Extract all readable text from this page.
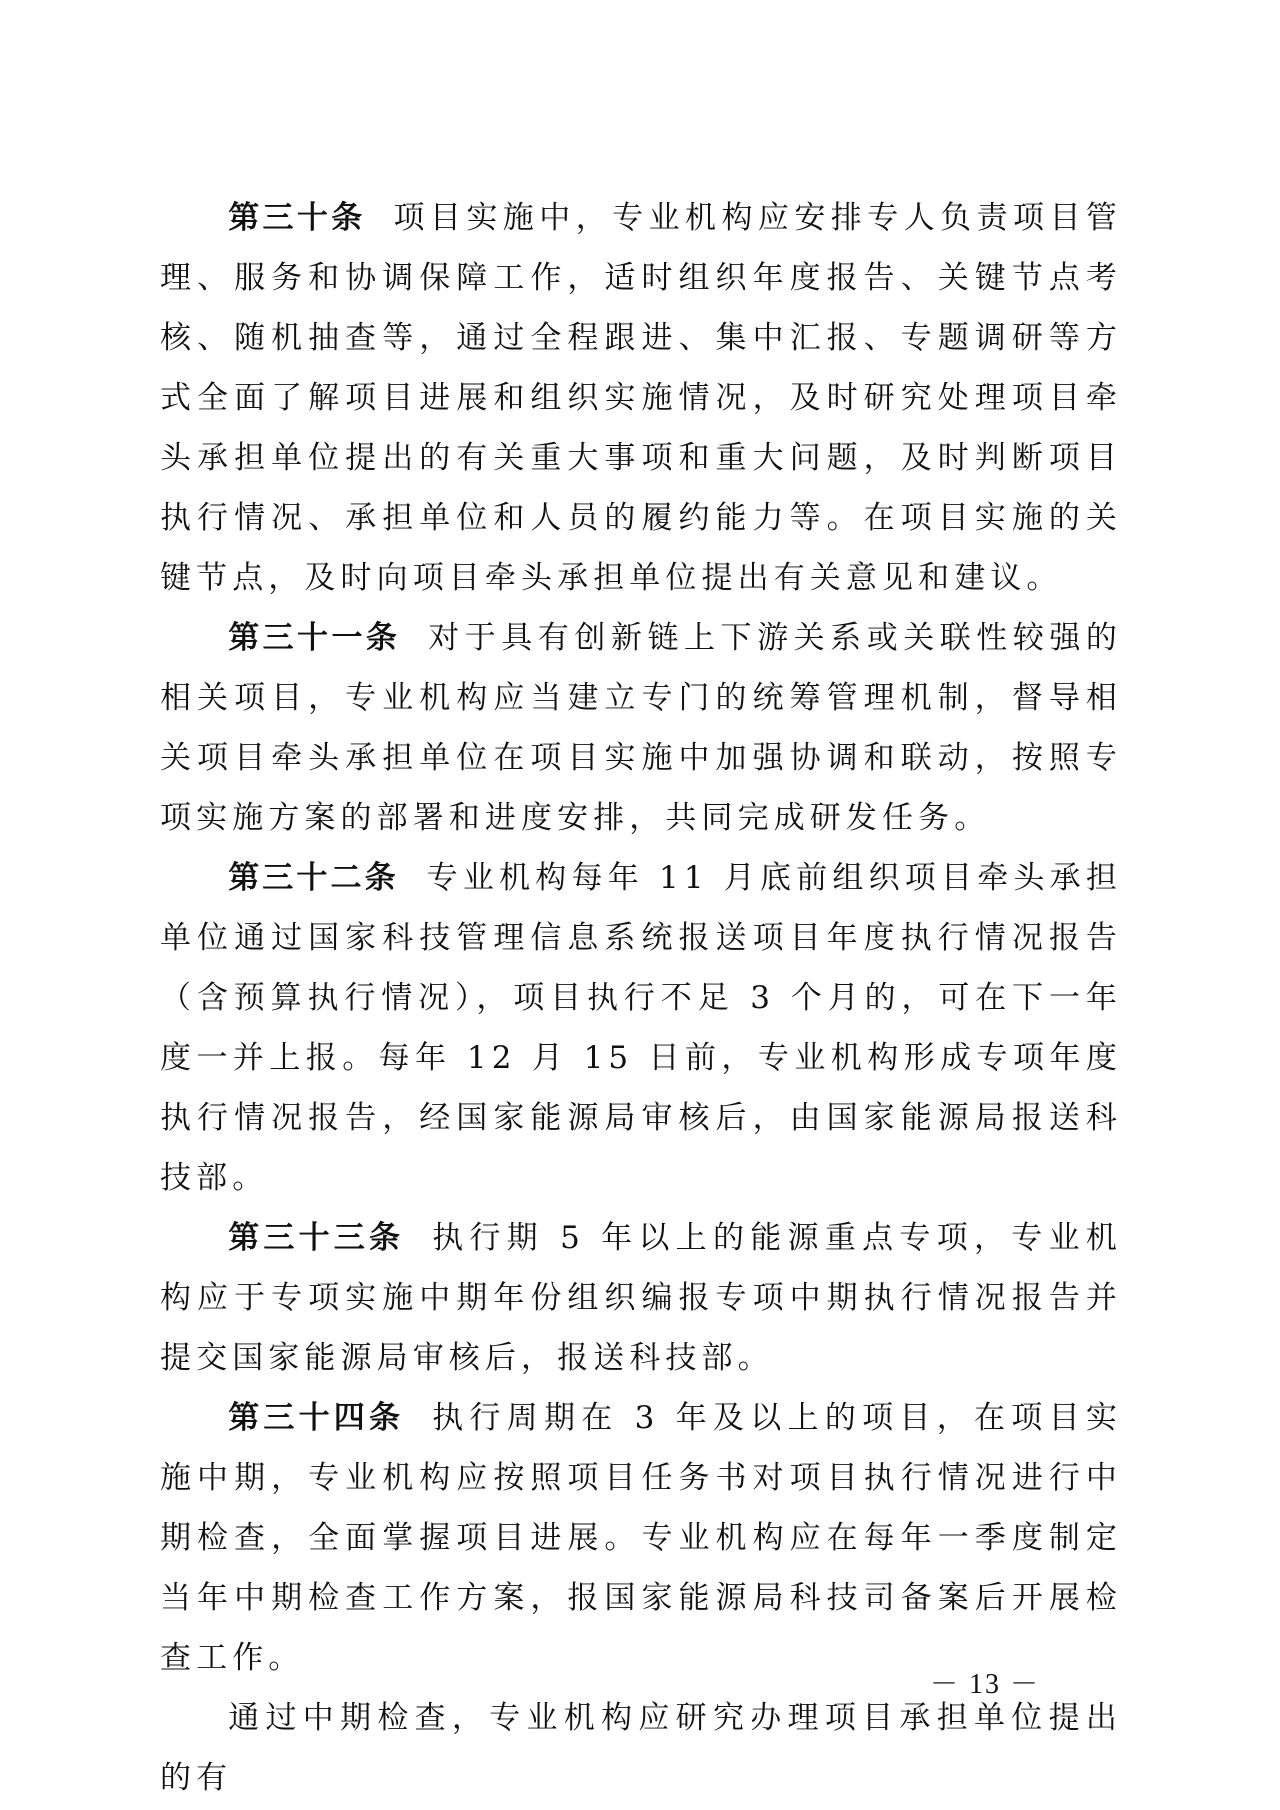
第三十条 项目实施中，专业机构应安排专人负责项目管理、服务和协调保障工作，适时组织年度报告、关键节点考核、随机抽查等，通过全程跟进、集中汇报、专题调研等方式全面了解项目进展和组织实施情况，及时研究处理项目牵头承担单位提出的有关重大事项和重大问题，及时判断项目执行情况、承担单位和人员的履约能力等。在项目实施的关键节点，及时向项目牵头承担单位提出有关意见和建议。

第三十一条 对于具有创新链上下游关系或关联性较强的相关项目，专业机构应当建立专门的统筹管理机制，督导相关项目牵头承担单位在项目实施中加强协调和联动，按照专项实施方案的部署和进度安排，共同完成研发任务。

第三十二条 专业机构每年 11 月底前组织项目牵头承担单位通过国家科技管理信息系统报送项目年度执行情况报告（含预算执行情况），项目执行不足 3 个月的，可在下一年度一并上报。每年 12 月 15 日前，专业机构形成专项年度执行情况报告，经国家能源局审核后，由国家能源局报送科技部。

第三十三条 执行期 5 年以上的能源重点专项，专业机构应于专项实施中期年份组织编报专项中期执行情况报告并提交国家能源局审核后，报送科技部。

第三十四条 执行周期在 3 年及以上的项目，在项目实施中期，专业机构应按照项目任务书对项目执行情况进行中期检查，全面掌握项目进展。专业机构应在每年一季度制定当年中期检查工作方案，报国家能源局科技司备案后开展检查工作。

通过中期检查，专业机构应研究办理项目承担单位提出的有

－ 13 －
